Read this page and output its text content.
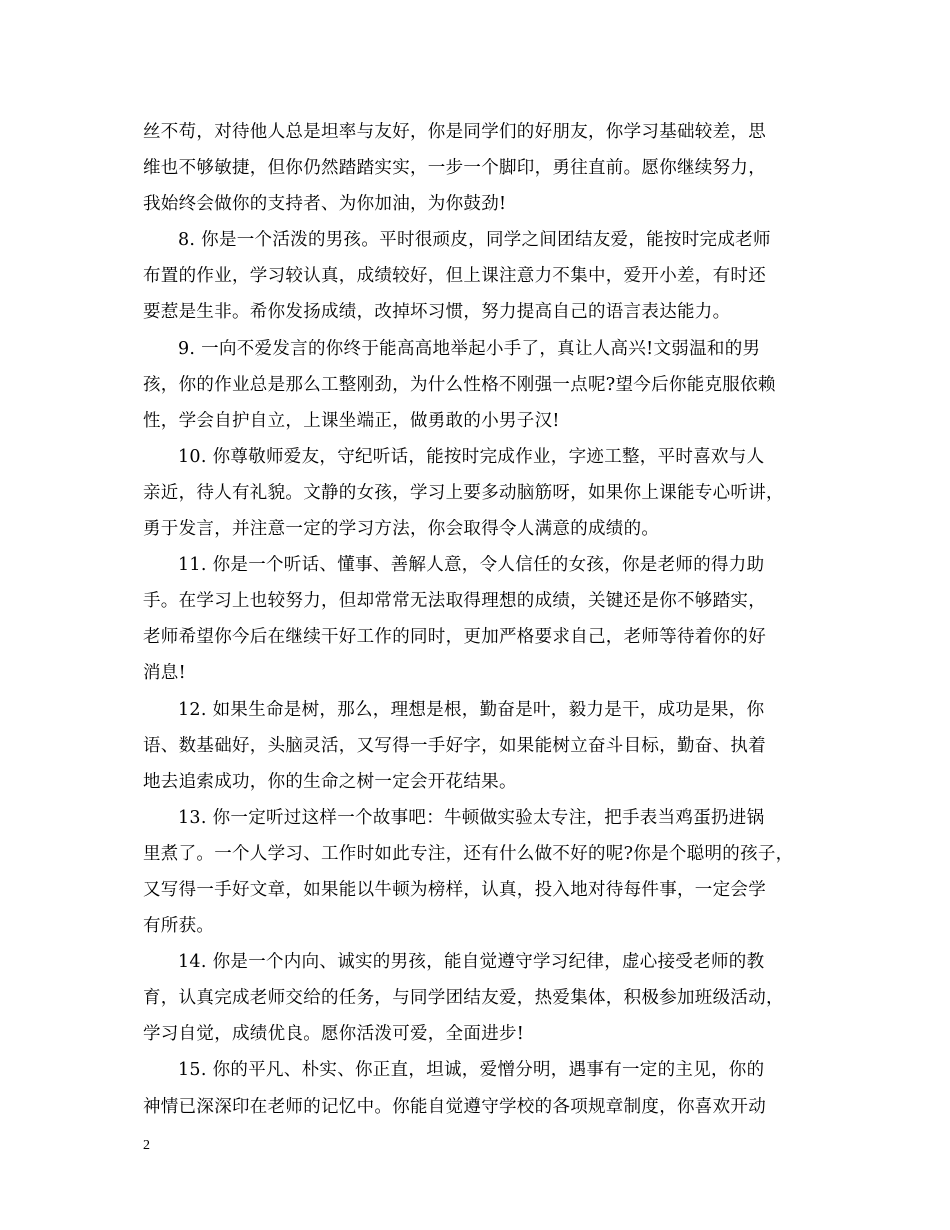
丝不苟，对待他人总是坦率与友好，你是同学们的好朋友，你学习基础较差，思
维也不够敏捷，但你仍然踏踏实实，一步一个脚印，勇往直前。愿你继续努力，
我始终会做你的支持者、为你加油，为你鼓劲!

8. 你是一个活泼的男孩。平时很顽皮，同学之间团结友爱，能按时完成老师
布置的作业，学习较认真，成绩较好，但上课注意力不集中，爱开小差，有时还
要惹是生非。希你发扬成绩，改掉坏习惯，努力提高自己的语言表达能力。

9. 一向不爱发言的你终于能高高地举起小手了，真让人高兴!文弱温和的男
孩，你的作业总是那么工整刚劲，为什么性格不刚强一点呢?望今后你能克服依赖
性，学会自护自立，上课坐端正，做勇敢的小男子汉!

10. 你尊敬师爱友，守纪听话，能按时完成作业，字迹工整，平时喜欢与人
亲近，待人有礼貌。文静的女孩，学习上要多动脑筋呀，如果你上课能专心听讲，
勇于发言，并注意一定的学习方法，你会取得令人满意的成绩的。

11. 你是一个听话、懂事、善解人意，令人信任的女孩，你是老师的得力助
手。在学习上也较努力，但却常常无法取得理想的成绩，关键还是你不够踏实，
老师希望你今后在继续干好工作的同时，更加严格要求自己，老师等待着你的好
消息!

12. 如果生命是树，那么，理想是根，勤奋是叶，毅力是干，成功是果，你
语、数基础好，头脑灵活，又写得一手好字，如果能树立奋斗目标，勤奋、执着
地去追索成功，你的生命之树一定会开花结果。

13. 你一定听过这样一个故事吧：牛顿做实验太专注，把手表当鸡蛋扔进锅
里煮了。一个人学习、工作时如此专注，还有什么做不好的呢?你是个聪明的孩子，
又写得一手好文章，如果能以牛顿为榜样，认真，投入地对待每件事，一定会学
有所获。

14. 你是一个内向、诚实的男孩，能自觉遵守学习纪律，虚心接受老师的教
育，认真完成老师交给的任务，与同学团结友爱，热爱集体，积极参加班级活动，
学习自觉，成绩优良。愿你活泼可爱，全面进步!

15. 你的平凡、朴实、你正直，坦诚，爱憎分明，遇事有一定的主见，你的
神情已深深印在老师的记忆中。你能自觉遵守学校的各项规章制度，你喜欢开动

2
